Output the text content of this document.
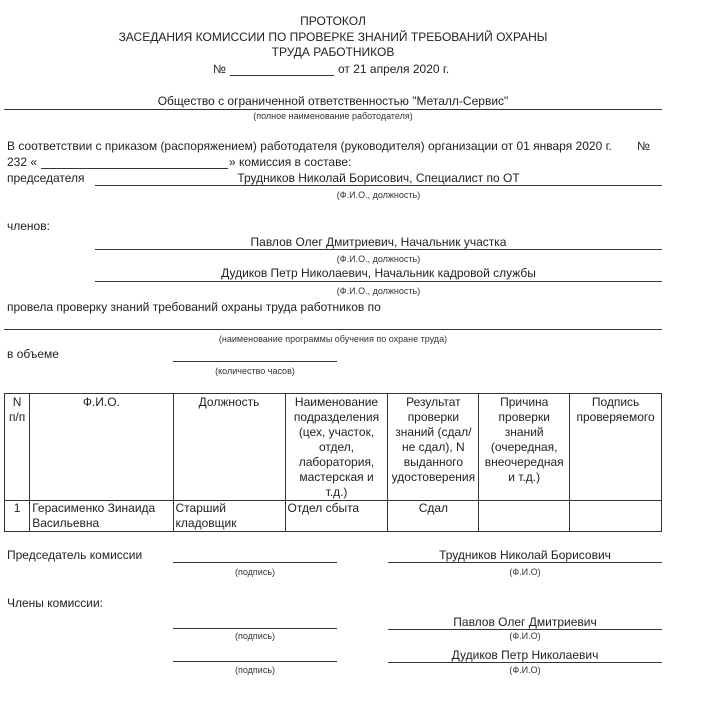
ПРОТОКОЛ
ЗАСЕДАНИЯ КОМИССИИ ПО ПРОВЕРКЕ ЗНАНИЙ ТРЕБОВАНИЙ ОХРАНЫ
ТРУДА РАБОТНИКОВ
№	от 21 апреля 2020 г.
Общество с ограниченной ответственностью "Металл-Сервис"
(полное наименование работодателя)
В соответствии с приказом (распоряжением) работодателя (руководителя) организации от 01 января 2020 г. №
232 «	» комиссия в составе:
председателя	Трудников Николай Борисович, Специалист по ОТ
(Ф.И.О., должность)
членов:
Павлов Олег Дмитриевич, Начальник участка
(Ф.И.О., должность)
Дудиков Петр Николаевич, Начальник кадровой службы
(Ф.И.О., должность)
провела проверку знаний требований охраны труда работников по
(наименование программы обучения по охране труда)
в объеме
(количество часов)
N п/п	Ф.И.О.	Должность	Наименование подразделения (цех, участок, отдел, лаборатория, мастерская и т.д.)	Результат проверки знаний (сдал/не сдал), N выданного удостоверения	Причина проверки знаний (очередная, внеочередная и т.д.)	Подпись проверяемого
1	Герасименко Зинаида Васильевна	Старший кладовщик	Отдел сбыта	Сдал		
Председатель комиссии
(подпись)
Трудников Николай Борисович
(Ф.И.О)
Члены комиссии:
(подпись)
Павлов Олег Дмитриевич
(Ф.И.О)
(подпись)
Дудиков Петр Николаевич
(Ф.И.О)
